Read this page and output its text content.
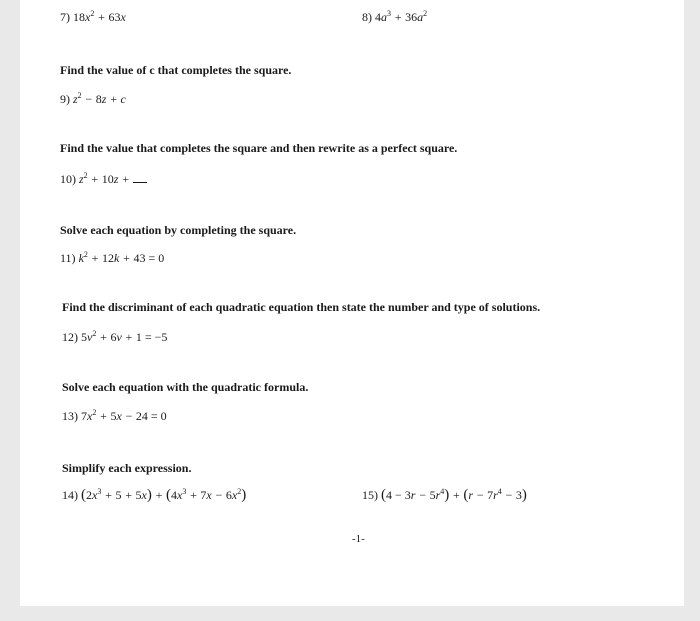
7) $18x^2 + 63x$	8) $4a^3 + 36a^2$
Find the value of c that completes the square.
9) $z^2 - 8z + c$
Find the value that completes the square and then rewrite as a perfect square.
10) $z^2 + 10z$ +
Solve each equation by completing the square.
11) $k^2 + 12k + 43 = 0$
Find the discriminant of each quadratic equation then state the number and type of solutions.
12) $5v^2 + 6v + 1 = -5$
Solve each equation with the quadratic formula.
13) $7x^2 + 5x - 24 = 0$
Simplify each expression.
14) $(2x^3 + 5 + 5x) + (4x^3 + 7x - 6x^2)$	15) $(4 - 3r - 5r^4) + (r - 7r^4 - 3)$
-1-
